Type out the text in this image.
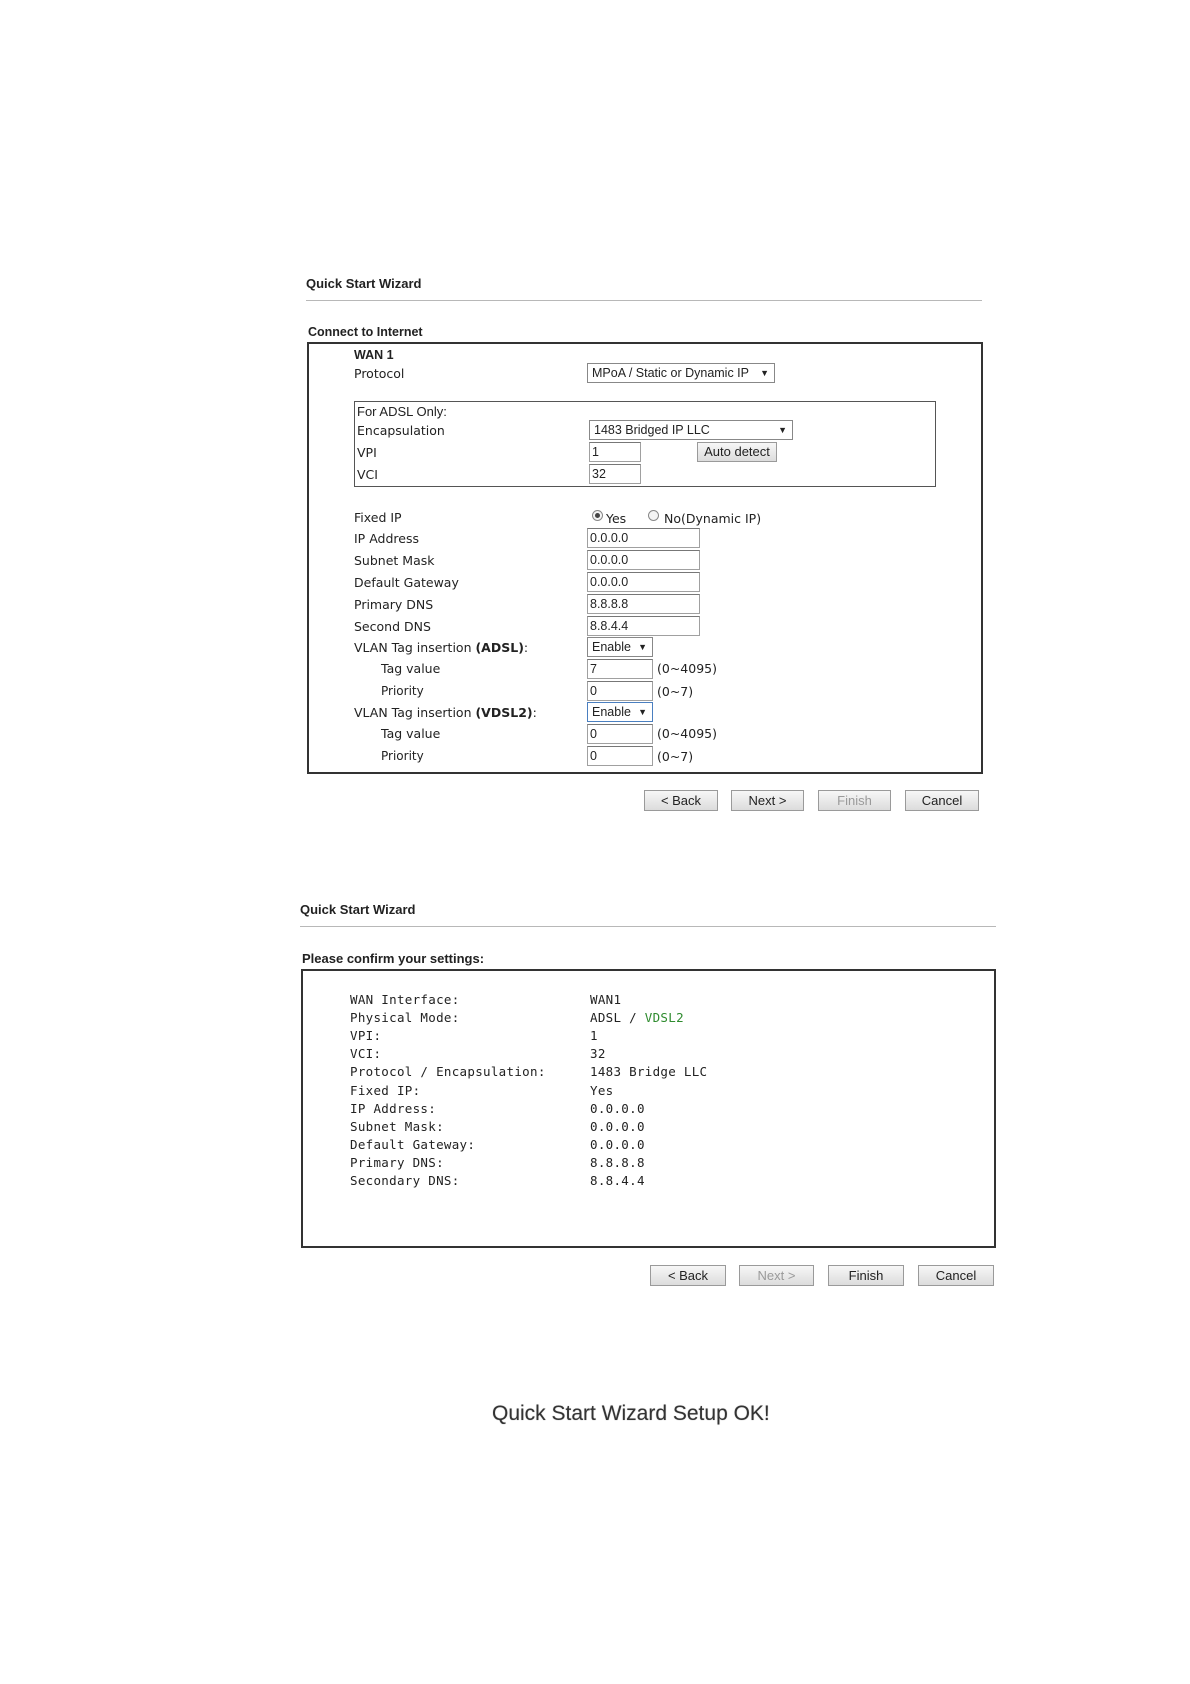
Quick Start Wizard
Connect to Internet
WAN 1
Protocol	MPoA / Static or Dynamic IP ▼
For ADSL Only:
Encapsulation	1483 Bridged IP LLC	▼
VPI	1	Auto detect
VCI	32
Fixed IP	Yes	No(Dynamic IP)
IP Address	0.0.0.0
Subnet Mask	0.0.0.0
Default Gateway	0.0.0.0
Primary DNS	8.8.8.8
Second DNS	8.8.4.4
VLAN Tag insertion (ADSL):	Enable ▼
Tag value	7	(0~4095)
Priority	0	(0~7)
VLAN Tag insertion (VDSL2):	Enable ▼
Tag value	0	(0~4095)
Priority	0	(0~7)
< Back	Next >	Finish	Cancel
Quick Start Wizard
Please confirm your settings:
WAN Interface:	WAN1
Physical Mode:	ADSL / VDSL2
VPI:	1
VCI:	32
Protocol / Encapsulation:	1483 Bridge LLC
Fixed IP:	Yes
IP Address:	0.0.0.0
Subnet Mask:	0.0.0.0
Default Gateway:	0.0.0.0
Primary DNS:	8.8.8.8
Secondary DNS:	8.8.4.4
< Back	Next >	Finish	Cancel
Quick Start Wizard Setup OK!
